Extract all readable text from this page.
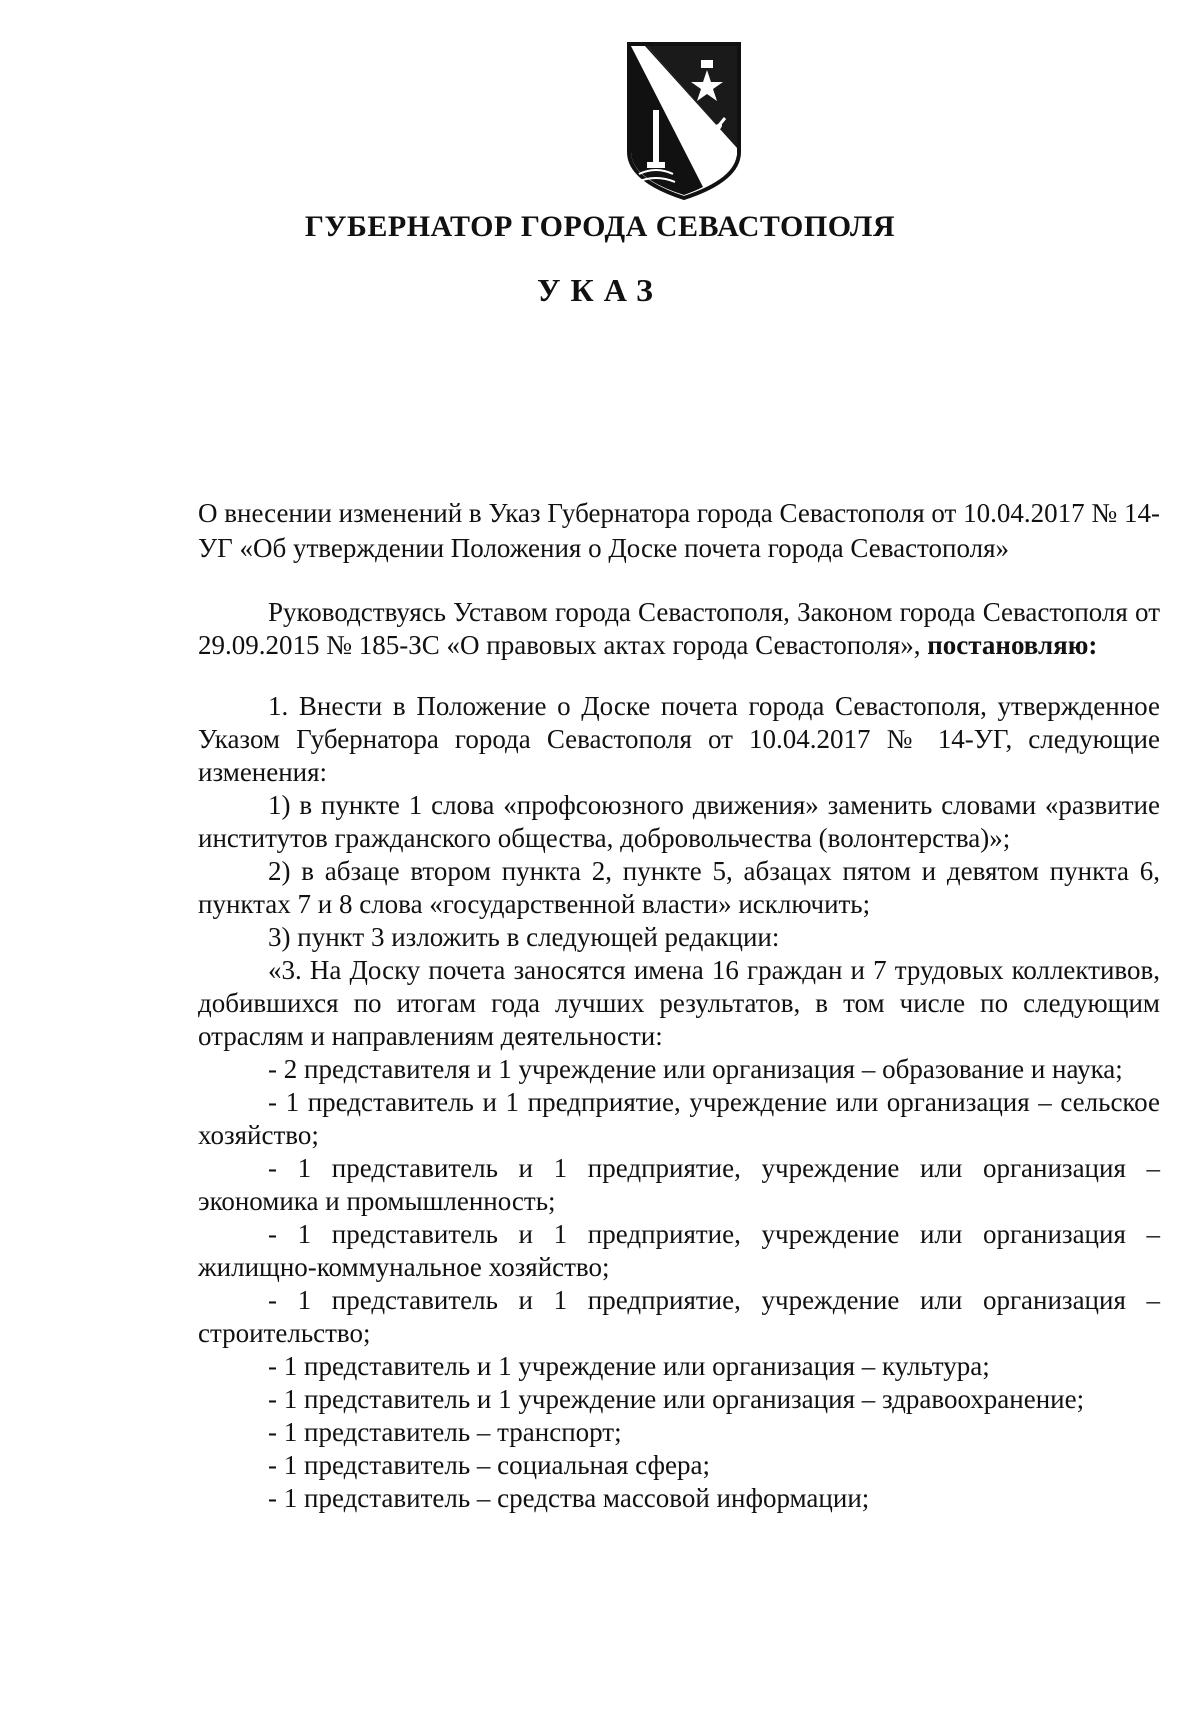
ГУБЕРНАТОР ГОРОДА СЕВАСТОПОЛЯ
УКАЗ
О внесении изменений в Указ Губернатора города Севастополя от 10.04.2017 № 14-УГ «Об утверждении Положения о Доске почета города Севастополя»

Руководствуясь Уставом города Севастополя, Законом города Севастополя от 29.09.2015 № 185-ЗС «О правовых актах города Севастополя», постановляю:

1. Внести в Положение о Доске почета города Севастополя, утвержденное Указом Губернатора города Севастополя от 10.04.2017 № 14-УГ, следующие изменения:

1) в пункте 1 слова «профсоюзного движения» заменить словами «развитие институтов гражданского общества, добровольчества (волонтерства)»;

2) в абзаце втором пункта 2, пункте 5, абзацах пятом и девятом пункта 6, пунктах 7 и 8 слова «государственной власти» исключить;

3) пункт 3 изложить в следующей редакции:

«3. На Доску почета заносятся имена 16 граждан и 7 трудовых коллективов, добившихся по итогам года лучших результатов, в том числе по следующим отраслям и направлениям деятельности:

- 2 представителя и 1 учреждение или организация – образование и наука;

- 1 представитель и 1 предприятие, учреждение или организация – сельское хозяйство;

- 1 представитель и 1 предприятие, учреждение или организация – экономика и промышленность;

- 1 представитель и 1 предприятие, учреждение или организация – жилищно-коммунальное хозяйство;

- 1 представитель и 1 предприятие, учреждение или организация – строительство;

- 1 представитель и 1 учреждение или организация – культура;

- 1 представитель и 1 учреждение или организация – здравоохранение;

- 1 представитель – транспорт;

- 1 представитель – социальная сфера;

- 1 представитель – средства массовой информации;
